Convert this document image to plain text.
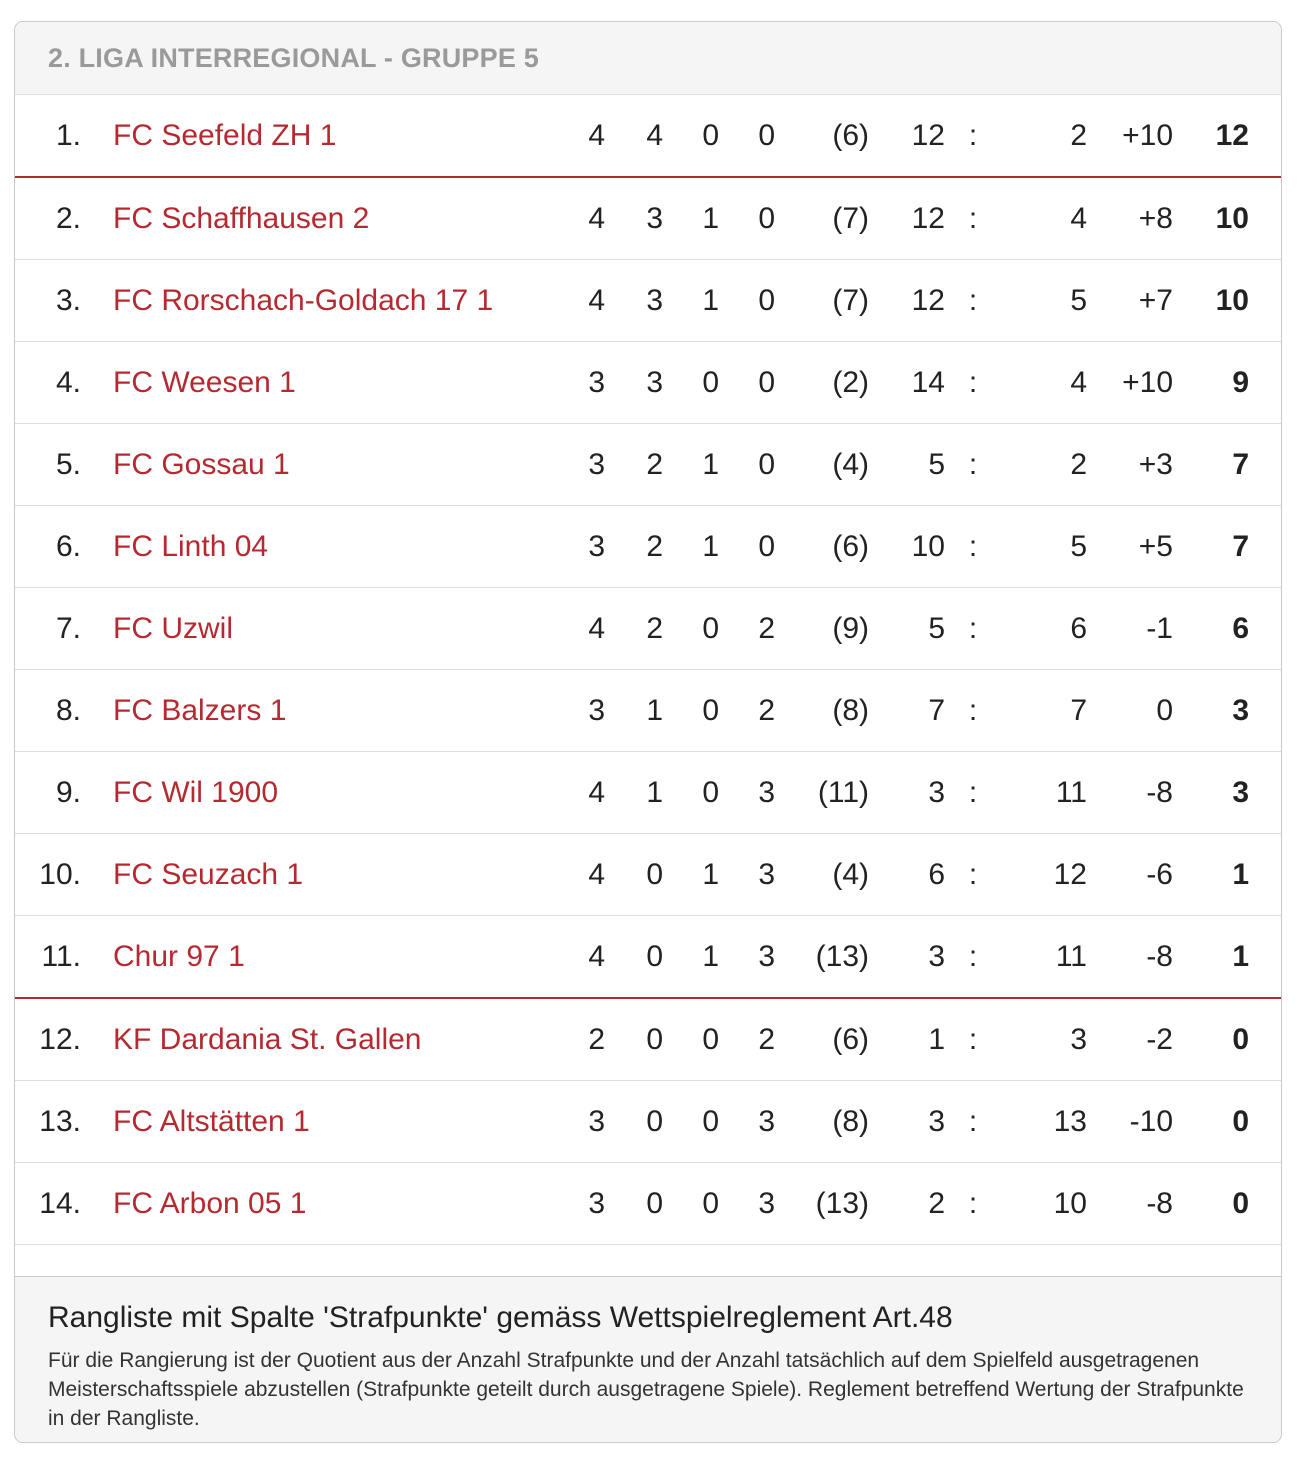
2. LIGA INTERREGIONAL - GRUPPE 5
1.	FC Seefeld ZH 1	4	4	0	0	(6)	12	:	2	+10	12	
2.	FC Schaffhausen 2	4	3	1	0	(7)	12	:	4	+8	10	
3.	FC Rorschach-Goldach 17 1	4	3	1	0	(7)	12	:	5	+7	10	
4.	FC Weesen 1	3	3	0	0	(2)	14	:	4	+10	9	
5.	FC Gossau 1	3	2	1	0	(4)	5	:	2	+3	7	
6.	FC Linth 04	3	2	1	0	(6)	10	:	5	+5	7	
7.	FC Uzwil	4	2	0	2	(9)	5	:	6	-1	6	
8.	FC Balzers 1	3	1	0	2	(8)	7	:	7	0	3	
9.	FC Wil 1900	4	1	0	3	(11)	3	:	11	-8	3	
10.	FC Seuzach 1	4	0	1	3	(4)	6	:	12	-6	1	
11.	Chur 97 1	4	0	1	3	(13)	3	:	11	-8	1	
12.	KF Dardania St. Gallen	2	0	0	2	(6)	1	:	3	-2	0	
13.	FC Altstätten 1	3	0	0	3	(8)	3	:	13	-10	0	
14.	FC Arbon 05 1	3	0	0	3	(13)	2	:	10	-8	0	

Rangliste mit Spalte 'Strafpunkte' gemäss Wettspielreglement Art.48

Für die Rangierung ist der Quotient aus der Anzahl Strafpunkte und der Anzahl tatsächlich auf dem Spielfeld ausgetragenen Meisterschaftsspiele abzustellen (Strafpunkte geteilt durch ausgetragene Spiele). Reglement betreffend Wertung der Strafpunkte in der Rangliste.
